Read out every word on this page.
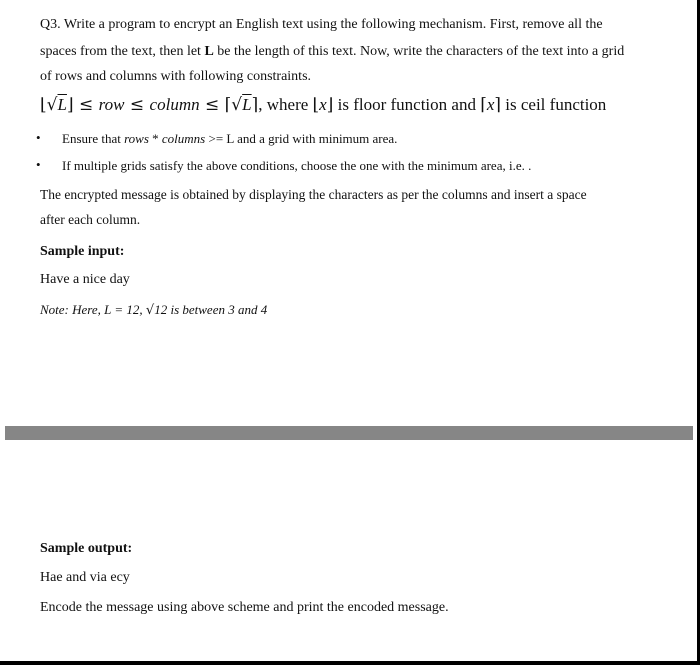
Q3. Write a program to encrypt an English text using the following mechanism. First, remove all the
spaces from the text, then let L be the length of this text. Now, write the characters of the text into a grid
of rows and columns with following constraints.
⌊√L⌋ ≤ row ≤ column ≤ ⌈√L⌉, where ⌊x⌋ is floor function and ⌈x⌉ is ceil function
• Ensure that rows * columns >= L and a grid with minimum area.
• If multiple grids satisfy the above conditions, choose the one with the minimum area, i.e. .
The encrypted message is obtained by displaying the characters as per the columns and insert a space
after each column.
Sample input:
Have a nice day
Note: Here, L = 12, √12 is between 3 and 4
Sample output:
Hae and via ecy
Encode the message using above scheme and print the encoded message.
